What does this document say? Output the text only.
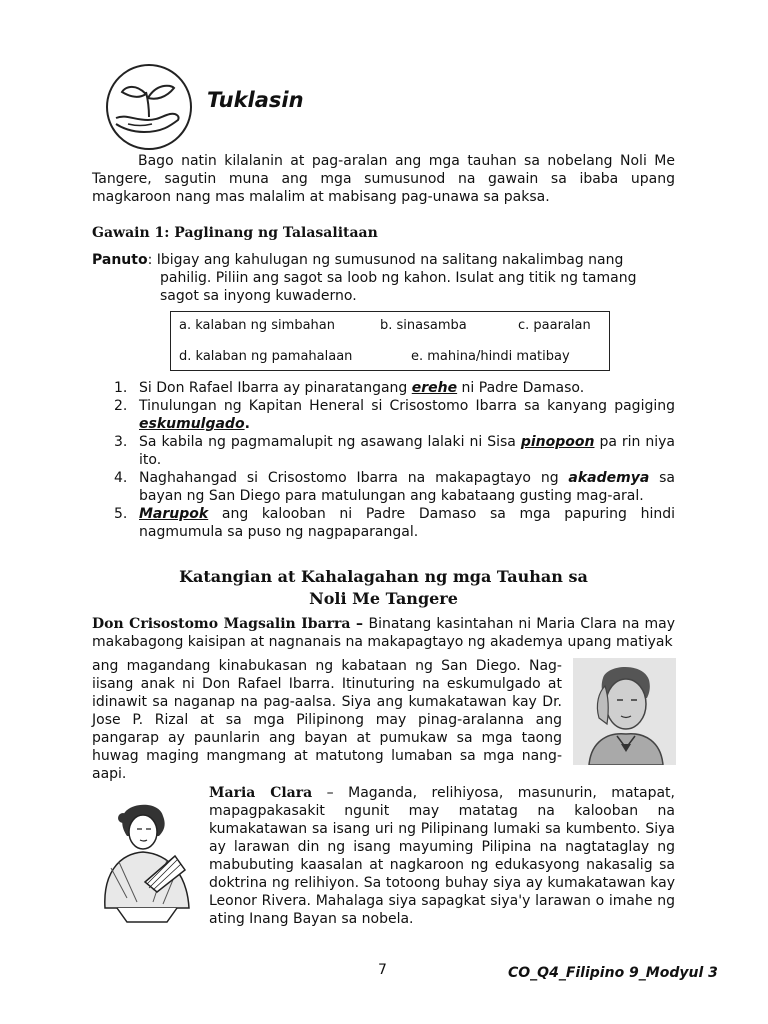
Tuklasin
Bago natin kilalanin at pag-aralan ang mga tauhan sa nobelang Noli Me Tangere, sagutin muna ang mga sumusunod na gawain sa ibaba upang magkaroon nang mas malalim at mabisang pag-unawa sa paksa.
Gawain 1: Paglinang ng Talasalitaan
Panuto: Ibigay ang kahulugan ng sumusunod na salitang nakalimbag nang
pahilig. Piliin ang sagot sa loob ng kahon. Isulat ang titik ng tamang sagot sa inyong kuwaderno.
a. kalaban ng simbahan	b. sinasamba	c. paaralan
d. kalaban ng pamahalaan	e. mahina/hindi matibay
1. Si Don Rafael Ibarra ay pinaratangang erehe ni Padre Damaso.
2. Tinulungan ng Kapitan Heneral si Crisostomo Ibarra sa kanyang pagiging eskumulgado.
3. Sa kabila ng pagmamalupit ng asawang lalaki ni Sisa pinopoon pa rin niya ito.
4. Naghahangad si Crisostomo Ibarra na makapagtayo ng akademya sa bayan ng San Diego para matulungan ang kabataang gusting mag-aral.
5. Marupok ang kalooban ni Padre Damaso sa mga papuring hindi nagmumula sa puso ng nagpaparangal.
Katangian at Kahalagahan ng mga Tauhan sa
Noli Me Tangere
Don Crisostomo Magsalin Ibarra – Binatang kasintahan ni Maria Clara na may makabagong kaisipan at nagnanais na makapagtayo ng akademya upang matiyak
ang magandang kinabukasan ng kabataan ng San Diego. Nag-iisang anak ni Don Rafael Ibarra. Itinuturing na eskumulgado at idinawit sa naganap na pag-aalsa. Siya ang kumakatawan kay Dr. Jose P. Rizal at sa mga Pilipinong may pinag-aralanna ang pangarap ay paunlarin ang bayan at pumukaw sa mga taong huwag maging mangmang at matutong lumaban sa mga nang-aapi.
Maria Clara – Maganda, relihiyosa, masunurin, matapat, mapagpakasakit ngunit may matatag na kalooban na kumakatawan sa isang uri ng Pilipinang lumaki sa kumbento. Siya ay larawan din ng isang mayuming Pilipina na nagtataglay ng mabubuting kaasalan at nagkaroon ng edukasyong nakasalig sa doktrina ng relihiyon. Sa totoong buhay siya ay kumakatawan kay Leonor Rivera. Mahalaga siya sapagkat siya'y larawan o imahe ng ating Inang Bayan sa nobela.
7	CO_Q4_Filipino 9_Modyul 3
